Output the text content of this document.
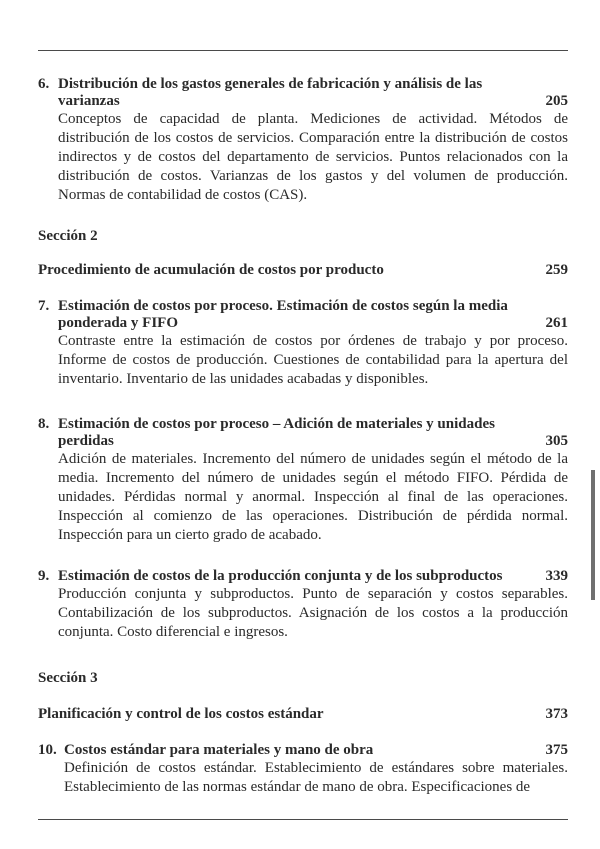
6. Distribución de los gastos generales de fabricación y análisis de las varianzas	205
Conceptos de capacidad de planta. Mediciones de actividad. Métodos de distribución de los costos de servicios. Comparación entre la distribución de costos indirectos y de costos del departamento de servicios. Puntos relacionados con la distribución de costos. Varianzas de los gastos y del volumen de producción. Normas de contabilidad de costos (CAS).
Sección 2
Procedimiento de acumulación de costos por producto	259
7. Estimación de costos por proceso. Estimación de costos según la media ponderada y FIFO	261
Contraste entre la estimación de costos por órdenes de trabajo y por proceso. Informe de costos de producción. Cuestiones de contabilidad para la apertura del inventario. Inventario de las unidades acabadas y disponibles.
8. Estimación de costos por proceso – Adición de materiales y unidades perdidas	305
Adición de materiales. Incremento del número de unidades según el método de la media. Incremento del número de unidades según el método FIFO. Pérdida de unidades. Pérdidas normal y anormal. Inspección al final de las operaciones. Inspección al comienzo de las operaciones. Distribución de pérdida normal. Inspección para un cierto grado de acabado.
9. Estimación de costos de la producción conjunta y de los subproductos	339
Producción conjunta y subproductos. Punto de separación y costos separables. Contabilización de los subproductos. Asignación de los costos a la producción conjunta. Costo diferencial e ingresos.
Sección 3
Planificación y control de los costos estándar	373
10. Costos estándar para materiales y mano de obra	375
Definición de costos estándar. Establecimiento de estándares sobre materiales. Establecimiento de las normas estándar de mano de obra. Especificaciones de
